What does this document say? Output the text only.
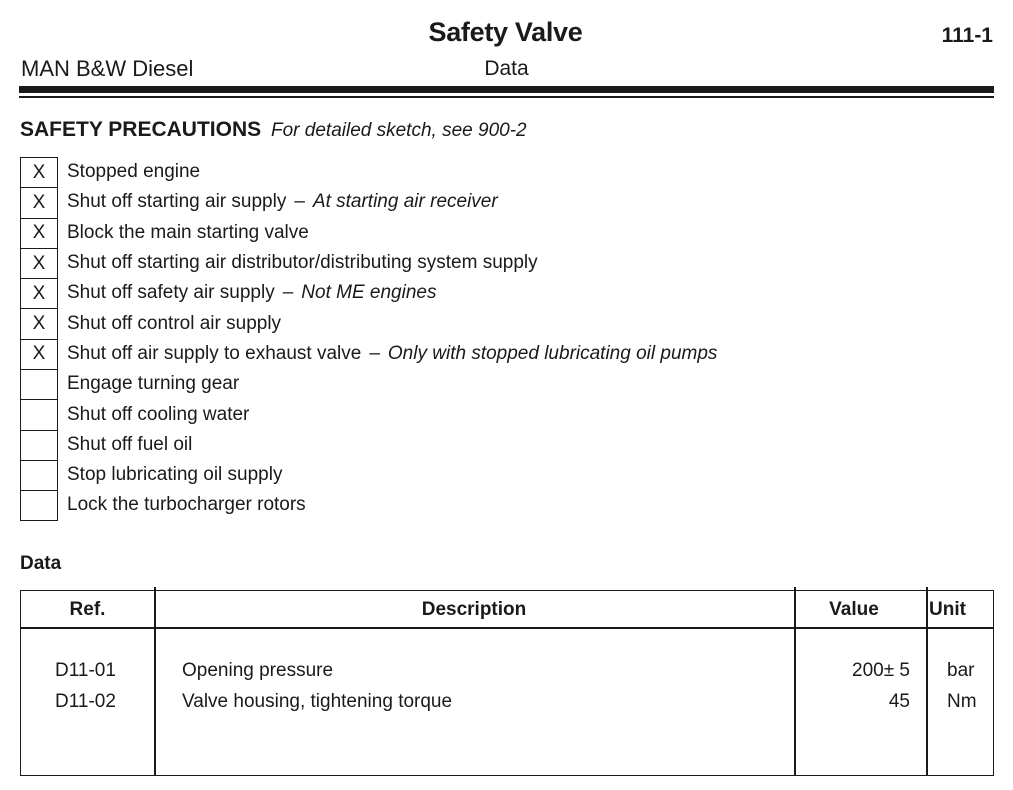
Safety Valve	111-1
MAN B&W Diesel	Data
SAFETY PRECAUTIONS For detailed sketch, see 900-2
X	Stopped engine
X	Shut off starting air supply – At starting air receiver
X	Block the main starting valve
X	Shut off starting air distributor/distributing system supply
X	Shut off safety air supply – Not ME engines
X	Shut off control air supply
X	Shut off air supply to exhaust valve – Only with stopped lubricating oil pumps
Engage turning gear
Shut off cooling water
Shut off fuel oil
Stop lubricating oil supply
Lock the turbocharger rotors
Data
Ref.	Description	Value	Unit
D11-01	Opening pressure	200± 5 bar
D11-02	Valve housing, tightening torque	45 Nm
